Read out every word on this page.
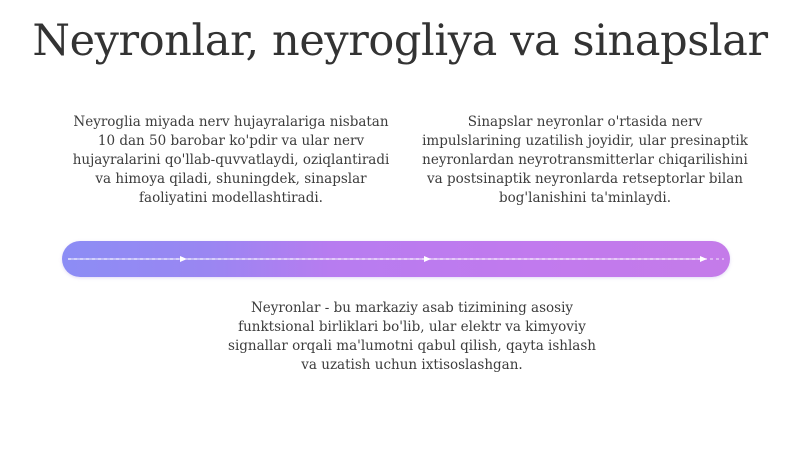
Neyronlar, neyrogliya va sinapslar

Neyroglia miyada nerv hujayralariga nisbatan 10 dan 50 barobar ko'pdir va ular nerv hujayralarini qo'llab-quvvatlaydi, oziqlantiradi va himoya qiladi, shuningdek, sinapslar faoliyatini modellashtiradi.

Sinapslar neyronlar o'rtasida nerv impulslarining uzatilish joyidir, ular presinaptik neyronlardan neyrotransmitterlar chiqarilishini va postsinaptik neyronlarda retseptorlar bilan bog'lanishini ta'minlaydi.

Neyronlar - bu markaziy asab tizimining asosiy funktsional birliklari bo'lib, ular elektr va kimyoviy signallar orqali ma'lumotni qabul qilish, qayta ishlash va uzatish uchun ixtisoslashgan.
